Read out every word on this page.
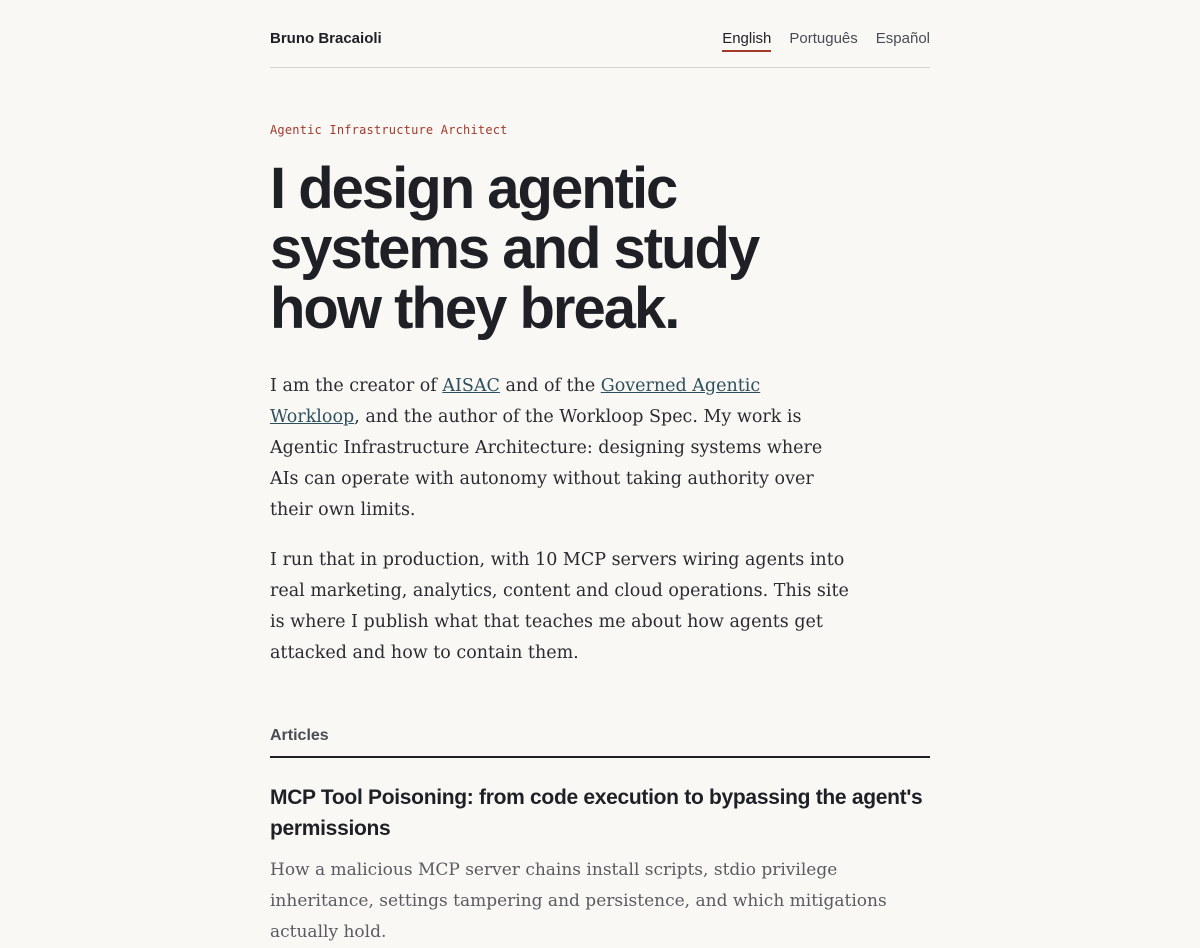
Bruno Bracaioli	English Português Español
Agentic Infrastructure Architect
I design agentic systems and study how they break.

I am the creator of AISAC and of the Governed Agentic Workloop, and the author of the Workloop Spec. My work is Agentic Infrastructure Architecture: designing systems where AIs can operate with autonomy without taking authority over their own limits.

I run that in production, with 10 MCP servers wiring agents into real marketing, analytics, content and cloud operations. This site is where I publish what that teaches me about how agents get attacked and how to contain them.

Articles
MCP Tool Poisoning: from code execution to bypassing the agent's permissions
How a malicious MCP server chains install scripts, stdio privilege inheritance, settings tampering and persistence, and which mitigations actually hold.
